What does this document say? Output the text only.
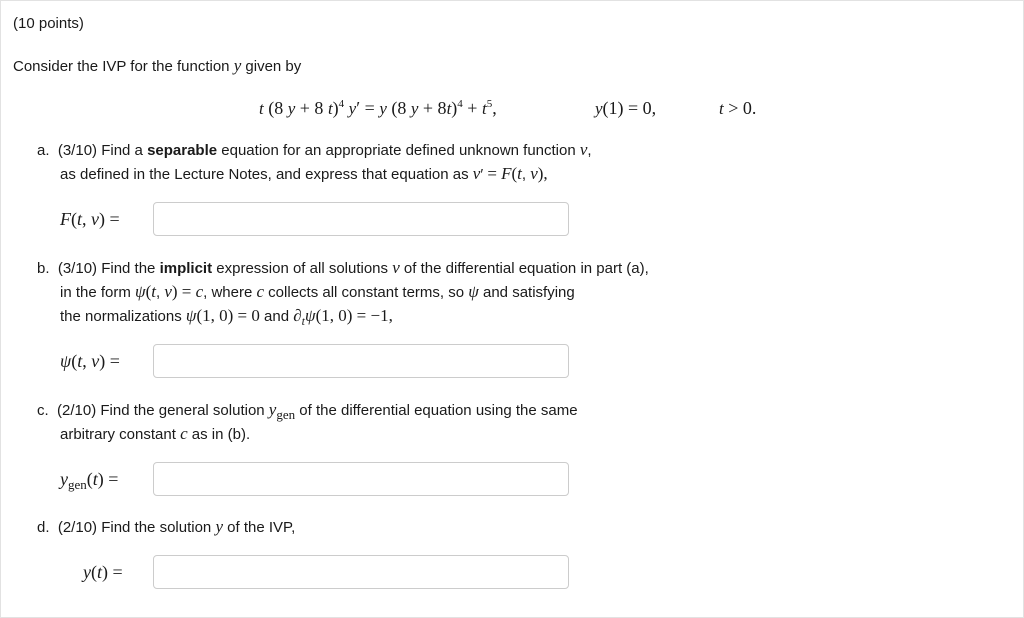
(10 points)
Consider the IVP for the function y given by
t (8 y + 8 t)$^4$ y′ = y (8 $y + 8t)^4 + t^5$,	y(1) = 0,	t > 0.
a.  (3/10) Find a separable equation for an appropriate defined unknown function v,
as defined in the Lecture Notes, and express that equation as v′ = F(t, v),
F(t, v) =
b.  (3/10) Find the implicit expression of all solutions v of the differential equation in part (a),
in the form ψ(t, v) = c, where c collects all constant terms, so ψ and satisfying
the normalizations ψ(1, 0) = 0 and $\partial_t\psi(1$, 0) = −1,
ψ(t, v) =
c.  (2/10) Find the general solution $y_{gen}$ of the differential equation using the same
arbitrary constant c as in (b).
$y_{gen}(t)$ =
d.  (2/10) Find the solution y of the IVP,
y(t) =
